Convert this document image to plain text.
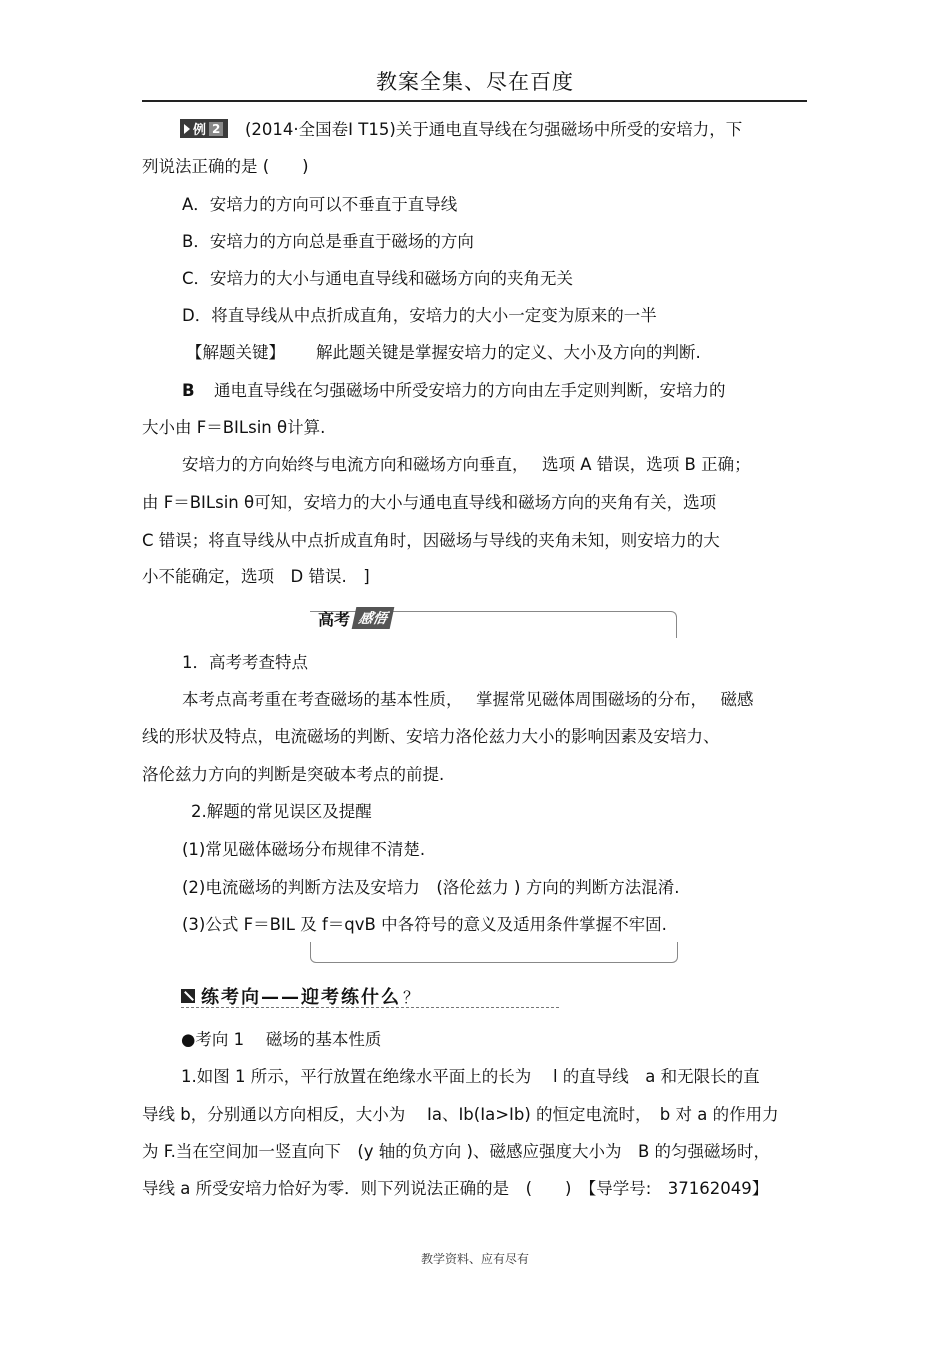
教案全集、尽在百度
例 2 (2014·全国卷Ⅰ T15)关于通电直导线在匀强磁场中所受的安培力，下
列说法正确的是 (　　)
A．安培力的方向可以不垂直于直导线
B．安培力的方向总是垂直于磁场的方向
C．安培力的大小与通电直导线和磁场方向的夹角无关
D．将直导线从中点折成直角，安培力的大小一定变为原来的一半
【解题关键】 解此题关键是掌握安培力的定义、大小及方向的判断.
B 通电直导线在匀强磁场中所受安培力的方向由左手定则判断，安培力的
大小由 F＝BILsin θ计算.
安培力的方向始终与电流方向和磁场方向垂直，　 选项 A 错误，选项 B 正确；
由 F＝BILsin θ可知，安培力的大小与通电直导线和磁场方向的夹角有关，选项
C 错误；将直导线从中点折成直角时，因磁场与导线的夹角未知，则安培力的大
小不能确定，选项　D 错误.　]
高考 感悟
1．高考考查特点
本考点高考重在考查磁场的基本性质，　 掌握常见磁体周围磁场的分布，　 磁感
线的形状及特点，电流磁场的判断、安培力洛伦兹力大小的影响因素及安培力、
洛伦兹力方向的判断是突破本考点的前提.
2.解题的常见误区及提醒
(1)常见磁体磁场分布规律不清楚.
(2)电流磁场的判断方法及安培力　(洛伦兹力 ) 方向的判断方法混淆.
(3)公式 F＝BIL 及 f＝qvB 中各符号的意义及适用条件掌握不牢固.
练考向——迎考练什么 ？
●考向 1　 磁场的基本性质
1.如图 1 所示，平行放置在绝缘水平面上的长为　 l 的直导线　a 和无限长的直
导线 b，分别通以方向相反，大小为　 Ia、Ib(Ia>Ib) 的恒定电流时，　b 对 a 的作用力
为 F.当在空间加一竖直向下　(y 轴的负方向 )、磁感应强度大小为　B 的匀强磁场时，
导线 a 所受安培力恰好为零．则下列说法正确的是　(　　)　【导学号:　37162049】
教学资料、应有尽有
